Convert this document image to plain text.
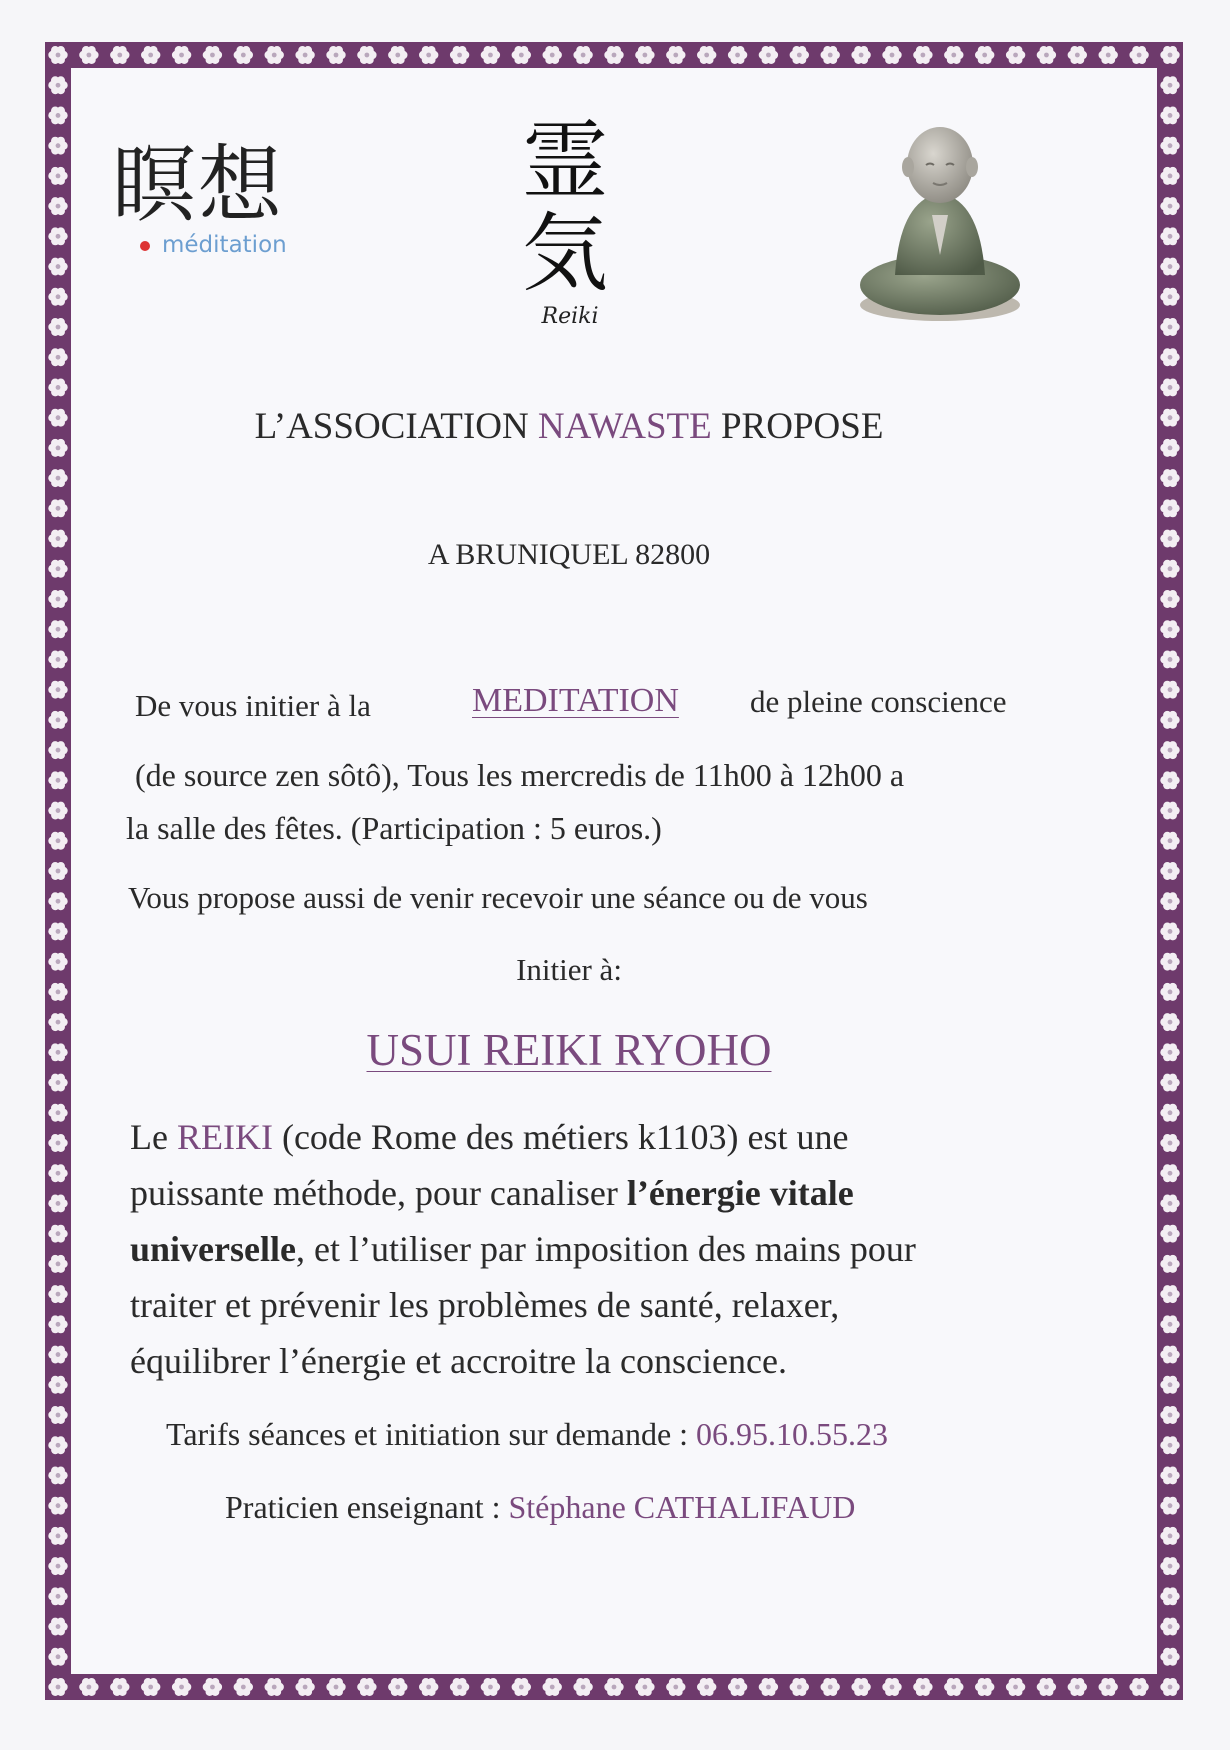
瞑想
méditation
霊
気
Reiki
L’ASSOCIATION NAWASTE PROPOSE
A BRUNIQUEL 82800
De vous initier à la	MEDITATION de pleine conscience
(de source zen sôtô), Tous les mercredis de 11h00 à 12h00 a
la salle des fêtes. (Participation : 5 euros.)
Vous propose aussi de venir recevoir une séance ou de vous
Initier à:
USUI REIKI RYOHO
Le REIKI (code Rome des métiers k1103) est une
puissante méthode, pour canaliser l’énergie vitale
universelle, et l’utiliser par imposition des mains pour
traiter et prévenir les problèmes de santé, relaxer,
équilibrer l’énergie et accroitre la conscience.
Tarifs séances et initiation sur demande : 06.95.10.55.23
Praticien enseignant : Stéphane CATHALIFAUD
